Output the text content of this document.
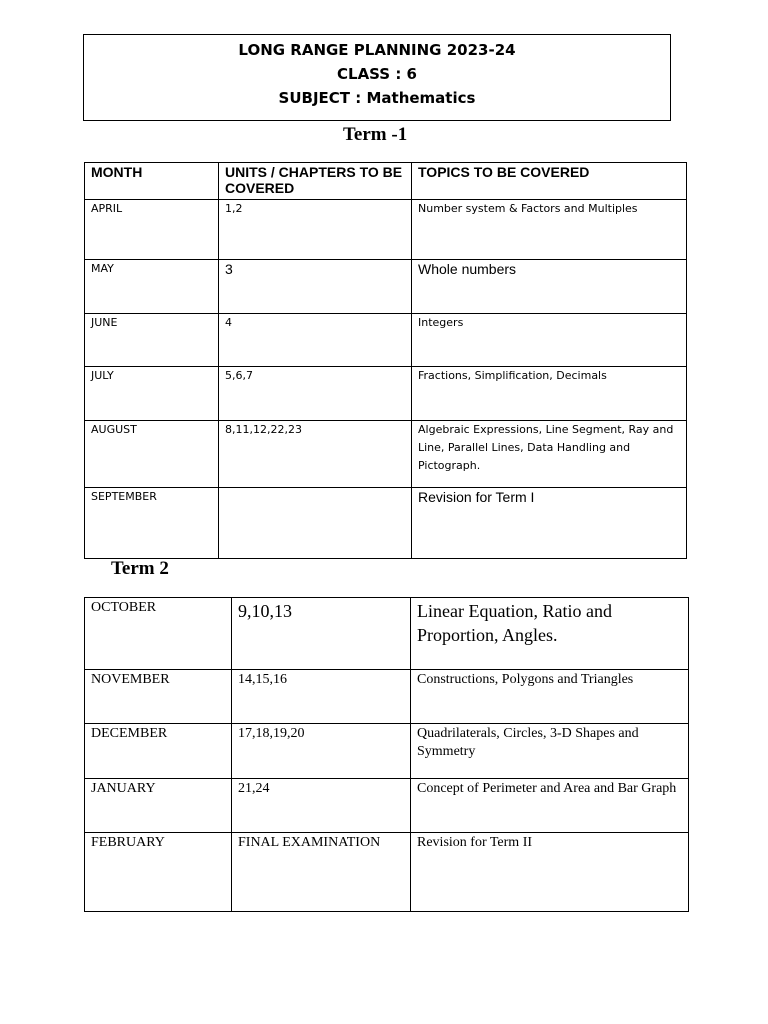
LONG RANGE PLANNING 2023-24
CLASS : 6
SUBJECT : Mathematics
Term -1
MONTH	UNITS / CHAPTERS TO BE COVERED	TOPICS TO BE COVERED
APRIL	1,2	Number system & Factors and Multiples
MAY	3	Whole numbers
JUNE	4	Integers
JULY	5,6,7	Fractions, Simplification, Decimals
AUGUST	8,11,12,22,23	Algebraic Expressions, Line Segment, Ray and Line, Parallel Lines, Data Handling and Pictograph.
SEPTEMBER		Revision for Term I
Term 2
OCTOBER	9,10,13	Linear Equation, Ratio and Proportion, Angles.
NOVEMBER	14,15,16	Constructions, Polygons and Triangles
DECEMBER	17,18,19,20	Quadrilaterals, Circles, 3-D Shapes and Symmetry
JANUARY	21,24	Concept of Perimeter and Area and Bar Graph
FEBRUARY	FINAL EXAMINATION	Revision for Term II
